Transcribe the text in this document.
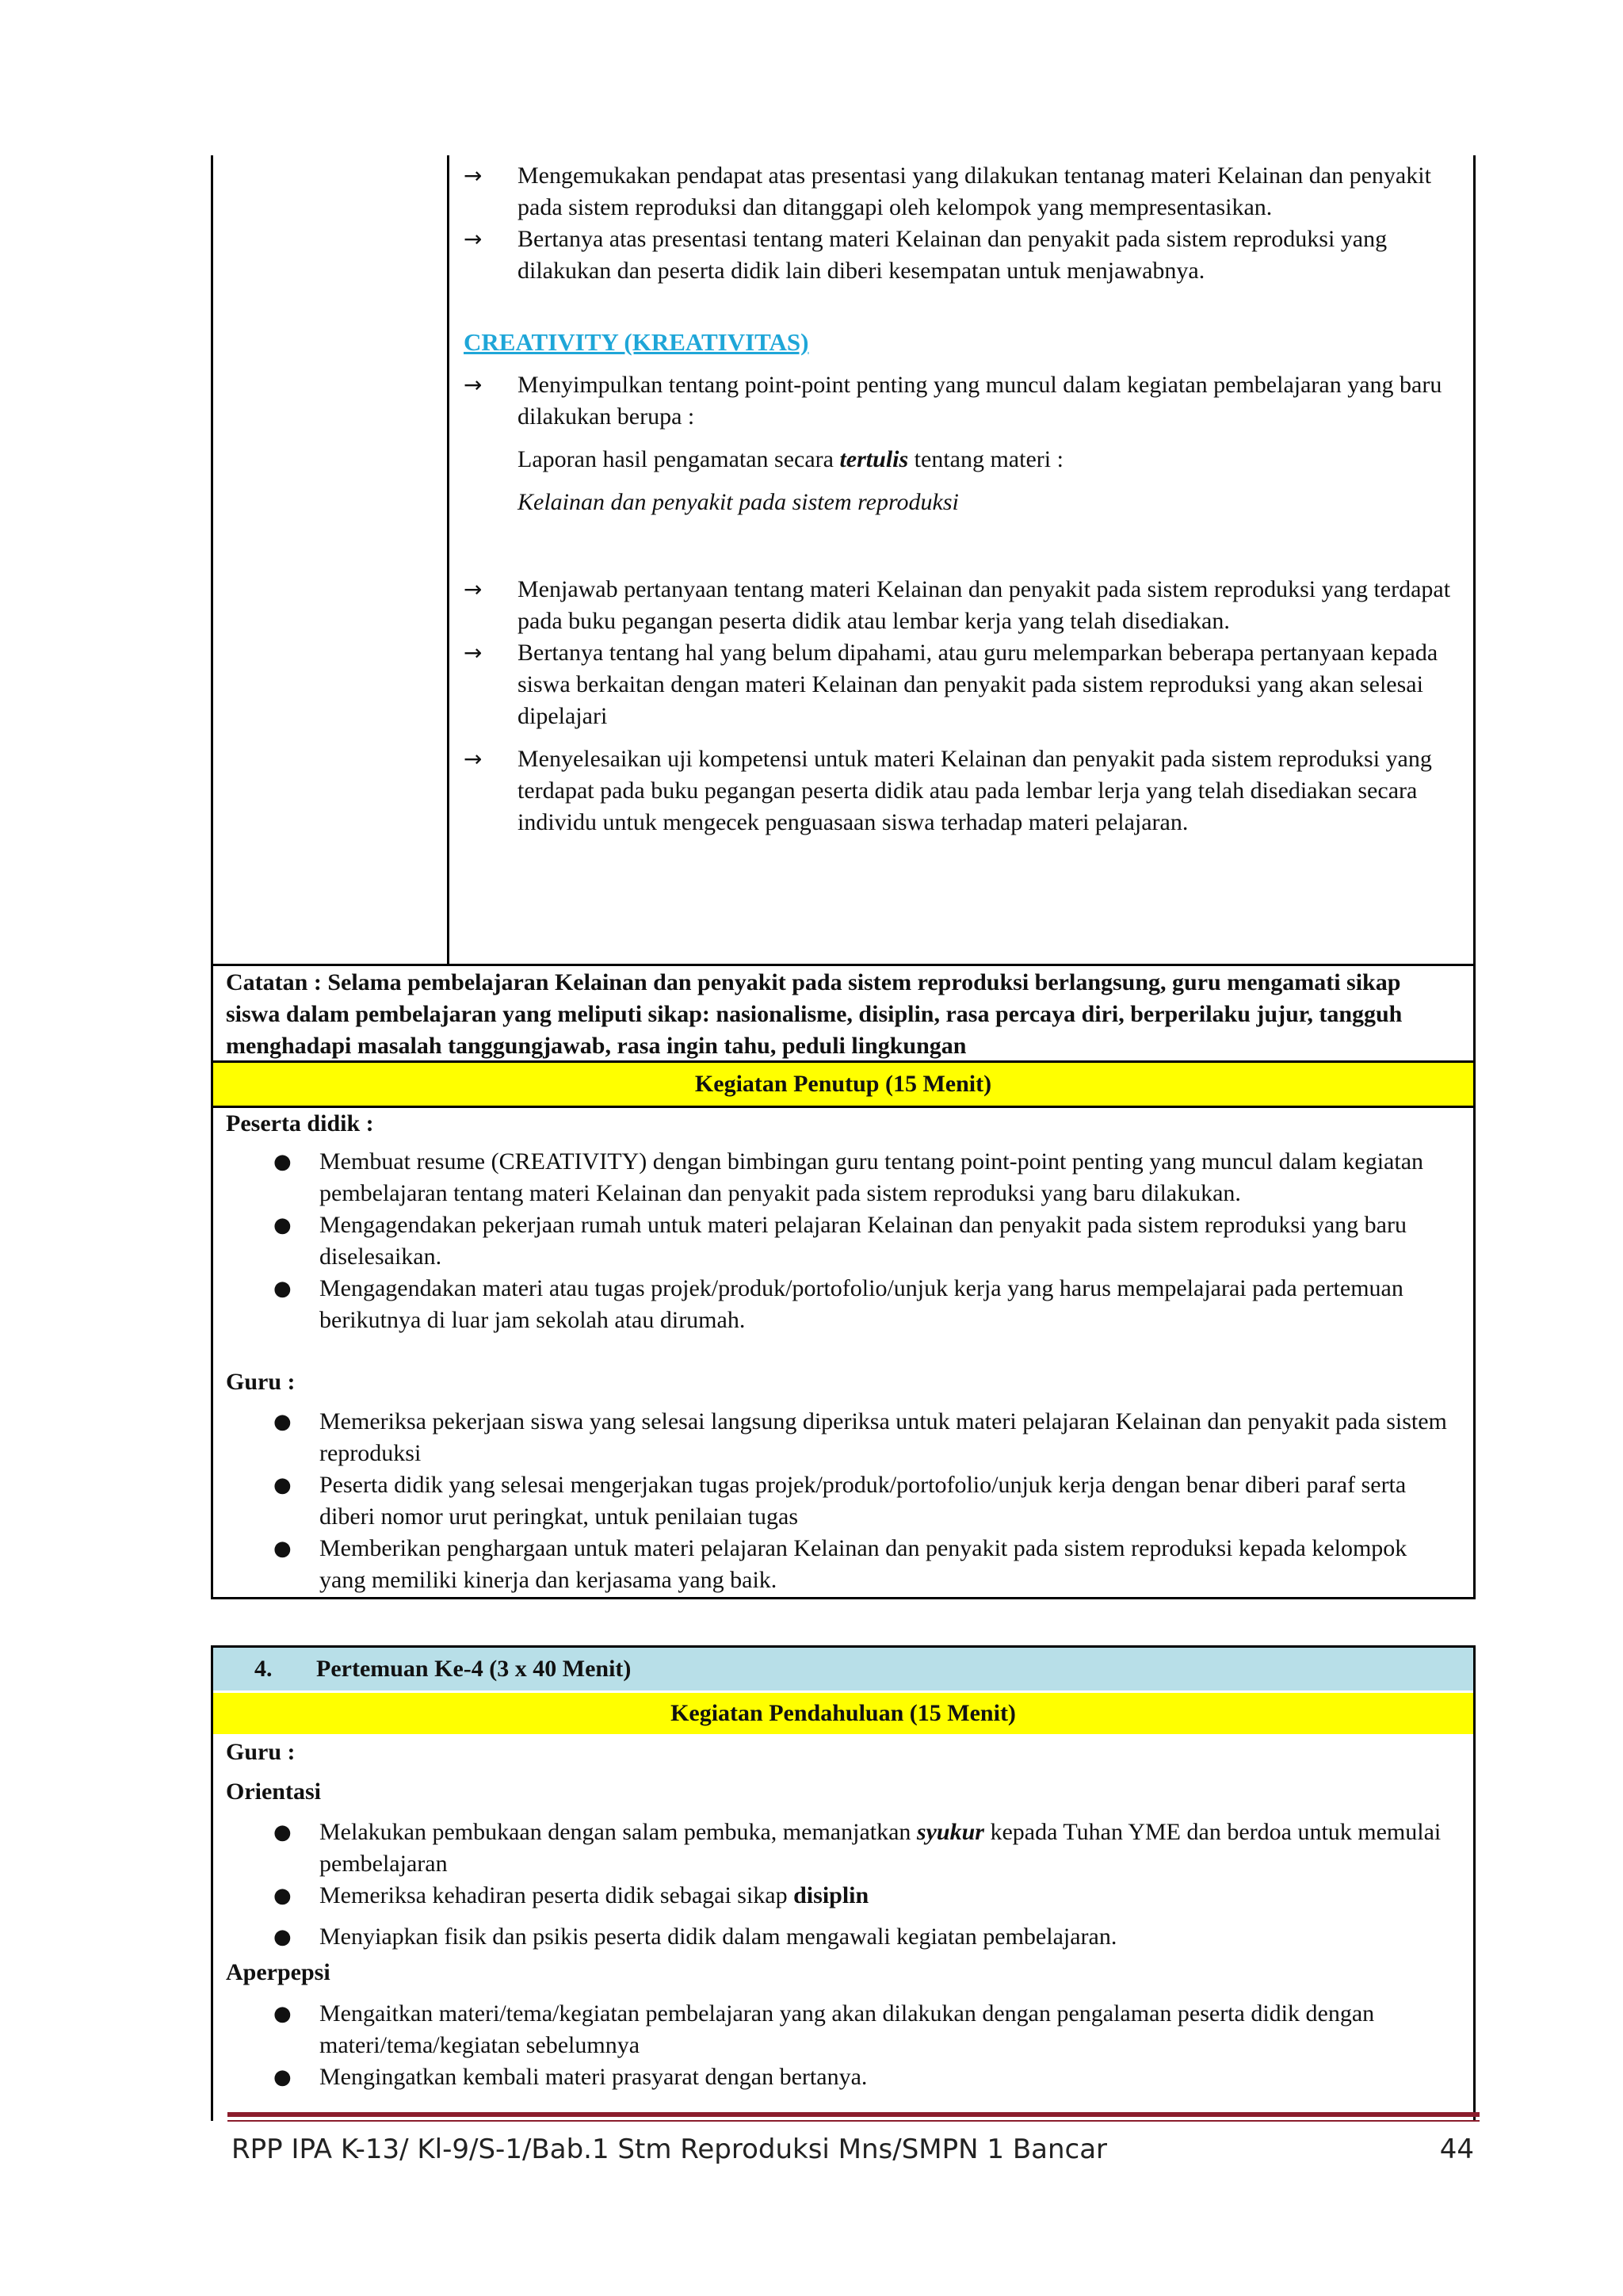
→ Mengemukakan pendapat atas presentasi yang dilakukan tentanag materi Kelainan dan penyakit pada sistem reproduksi dan ditanggapi oleh kelompok yang mempresentasikan.
→ Bertanya atas presentasi tentang materi Kelainan dan penyakit pada sistem reproduksi yang dilakukan dan peserta didik lain diberi kesempatan untuk menjawabnya.
CREATIVITY (KREATIVITAS)
→ Menyimpulkan tentang point-point penting yang muncul dalam kegiatan pembelajaran yang baru dilakukan berupa :
Laporan hasil pengamatan secara tertulis tentang materi :
Kelainan dan penyakit pada sistem reproduksi
→ Menjawab pertanyaan tentang materi Kelainan dan penyakit pada sistem reproduksi yang terdapat pada buku pegangan peserta didik atau lembar kerja yang telah disediakan.
→ Bertanya tentang hal yang belum dipahami, atau guru melemparkan beberapa pertanyaan kepada siswa berkaitan dengan materi Kelainan dan penyakit pada sistem reproduksi yang akan selesai dipelajari
→ Menyelesaikan uji kompetensi untuk materi Kelainan dan penyakit pada sistem reproduksi yang terdapat pada buku pegangan peserta didik atau pada lembar lerja yang telah disediakan secara individu untuk mengecek penguasaan siswa terhadap materi pelajaran.
Catatan : Selama pembelajaran Kelainan dan penyakit pada sistem reproduksi berlangsung, guru mengamati sikap siswa dalam pembelajaran yang meliputi sikap: nasionalisme, disiplin, rasa percaya diri, berperilaku jujur, tangguh menghadapi masalah tanggungjawab, rasa ingin tahu, peduli lingkungan
Kegiatan Penutup (15 Menit)
Peserta didik :
● Membuat resume (CREATIVITY) dengan bimbingan guru tentang point-point penting yang muncul dalam kegiatan pembelajaran tentang materi Kelainan dan penyakit pada sistem reproduksi yang baru dilakukan.
● Mengagendakan pekerjaan rumah untuk materi pelajaran Kelainan dan penyakit pada sistem reproduksi yang baru diselesaikan.
● Mengagendakan materi atau tugas projek/produk/portofolio/unjuk kerja yang harus mempelajarai pada pertemuan berikutnya di luar jam sekolah atau dirumah.
Guru :
● Memeriksa pekerjaan siswa yang selesai langsung diperiksa untuk materi pelajaran Kelainan dan penyakit pada sistem reproduksi
● Peserta didik yang selesai mengerjakan tugas projek/produk/portofolio/unjuk kerja dengan benar diberi paraf serta diberi nomor urut peringkat, untuk penilaian tugas
● Memberikan penghargaan untuk materi pelajaran Kelainan dan penyakit pada sistem reproduksi kepada kelompok yang memiliki kinerja dan kerjasama yang baik.
4. Pertemuan Ke-4 (3 x 40 Menit)
Kegiatan Pendahuluan (15 Menit)
Guru :
Orientasi
● Melakukan pembukaan dengan salam pembuka, memanjatkan syukur kepada Tuhan YME dan berdoa untuk memulai pembelajaran
● Memeriksa kehadiran peserta didik sebagai sikap disiplin
● Menyiapkan fisik dan psikis peserta didik dalam mengawali kegiatan pembelajaran.
Aperpepsi
● Mengaitkan materi/tema/kegiatan pembelajaran yang akan dilakukan dengan pengalaman peserta didik dengan materi/tema/kegiatan sebelumnya
● Mengingatkan kembali materi prasyarat dengan bertanya.
RPP IPA K-13/ Kl-9/S-1/Bab.1 Stm Reproduksi Mns/SMPN 1 Bancar	44
